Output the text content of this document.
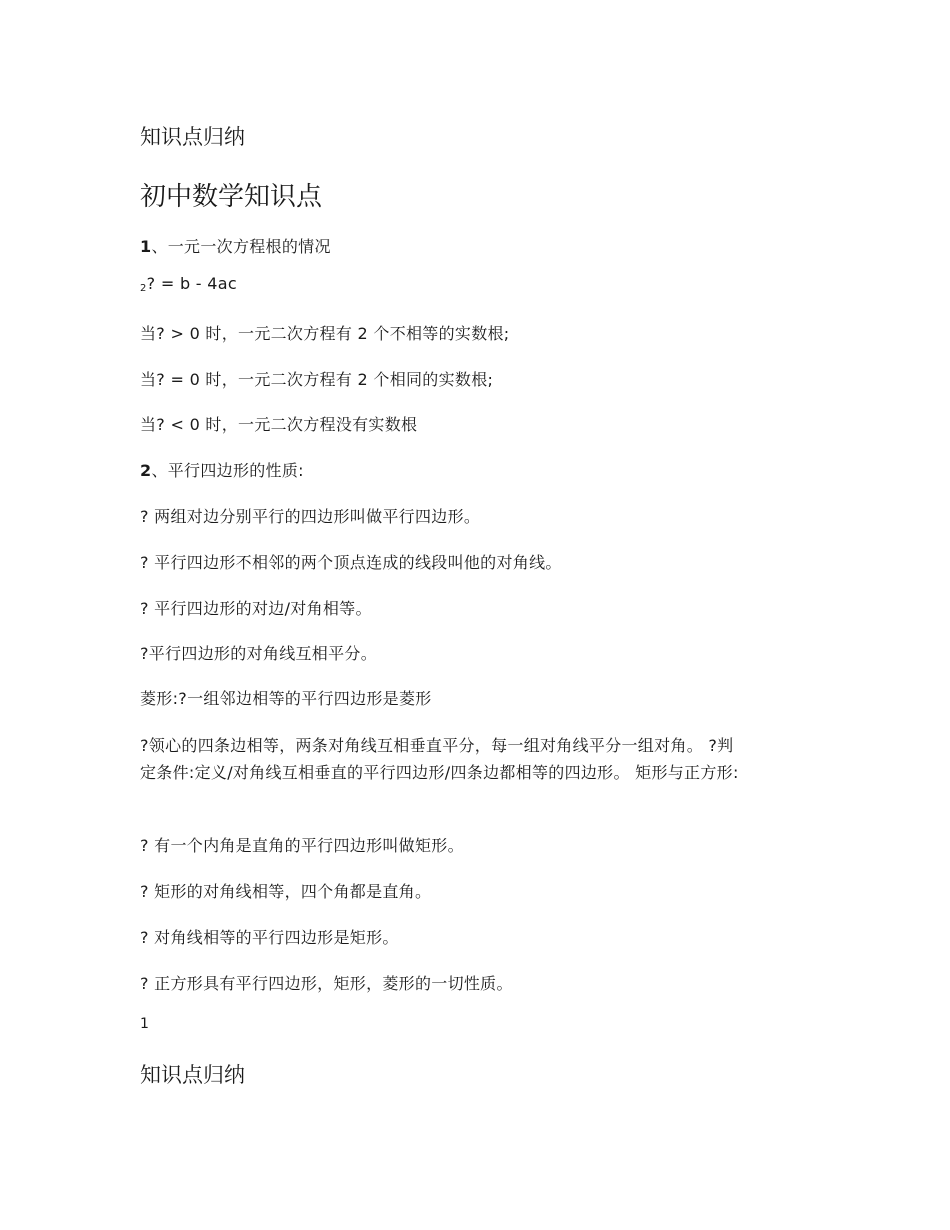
知识点归纳
初中数学知识点
1、一元一次方程根的情况
$_2$? = b - 4ac
当? > 0 时，一元二次方程有 2 个不相等的实数根;
当? = 0 时，一元二次方程有 2 个相同的实数根;
当? < 0 时，一元二次方程没有实数根
2、平行四边形的性质:
? 两组对边分别平行的四边形叫做平行四边形。
? 平行四边形不相邻的两个顶点连成的线段叫他的对角线。
? 平行四边形的对边/对角相等。
?平行四边形的对角线互相平分。
菱形:?一组邻边相等的平行四边形是菱形
?领心的四条边相等，两条对角线互相垂直平分，每一组对角线平分一组对角。 ?判
定条件:定义/对角线互相垂直的平行四边形/四条边都相等的四边形。 矩形与正方形:
? 有一个内角是直角的平行四边形叫做矩形。
? 矩形的对角线相等，四个角都是直角。
? 对角线相等的平行四边形是矩形。
? 正方形具有平行四边形，矩形，菱形的一切性质。
1
知识点归纳
